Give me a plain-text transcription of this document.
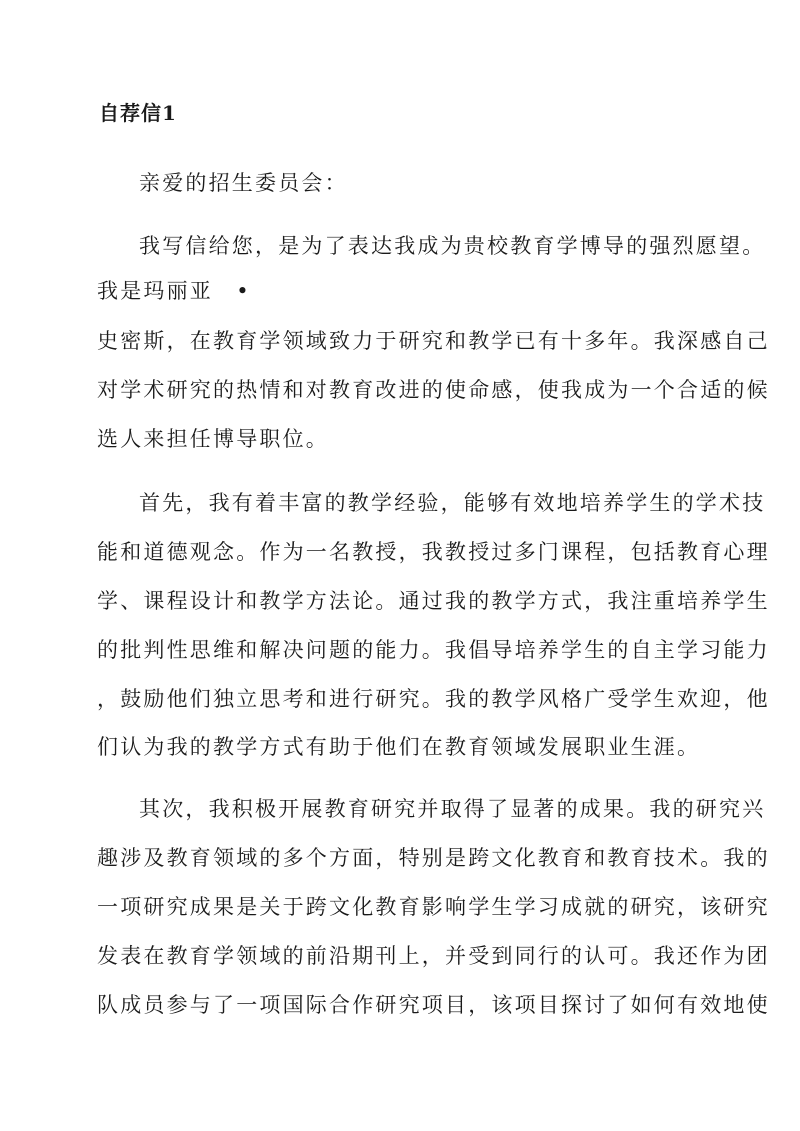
自荐信1
亲爱的招生委员会：
我写信给您，是为了表达我成为贵校教育学博导的强烈愿望。
我是玛丽亚　•
史密斯，在教育学领域致力于研究和教学已有十多年。我深感自己
对学术研究的热情和对教育改进的使命感，使我成为一个合适的候
选人来担任博导职位。
首先，我有着丰富的教学经验，能够有效地培养学生的学术技
能和道德观念。作为一名教授，我教授过多门课程，包括教育心理
学、课程设计和教学方法论。通过我的教学方式，我注重培养学生
的批判性思维和解决问题的能力。我倡导培养学生的自主学习能力
，鼓励他们独立思考和进行研究。我的教学风格广受学生欢迎，他
们认为我的教学方式有助于他们在教育领域发展职业生涯。
其次，我积极开展教育研究并取得了显著的成果。我的研究兴
趣涉及教育领域的多个方面，特别是跨文化教育和教育技术。我的
一项研究成果是关于跨文化教育影响学生学习成就的研究，该研究
发表在教育学领域的前沿期刊上，并受到同行的认可。我还作为团
队成员参与了一项国际合作研究项目，该项目探讨了如何有效地使
